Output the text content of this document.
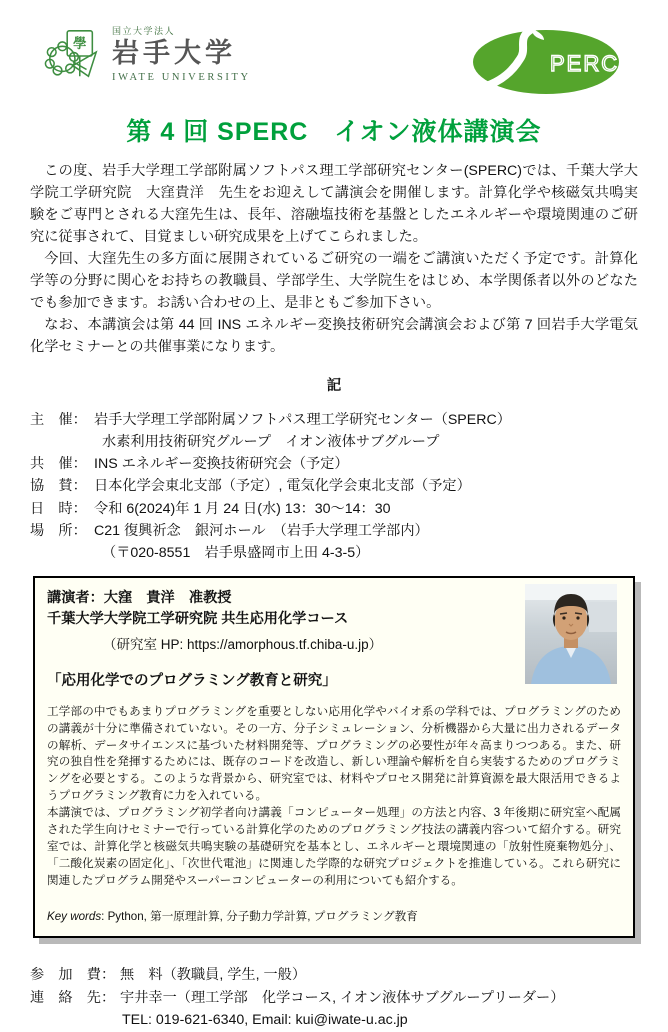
學
国立大学法人
岩手大学
IWATE UNIVERSITY
PERC
第 4 回 SPERC　イオン液体講演会

この度、岩手大学理工学部附属ソフトパス理工学部研究センター(SPERC)では、千葉大学大学院工学研究院　大窪貴洋　先生をお迎えして講演会を開催します。計算化学や核磁気共鳴実験をご専門とされる大窪先生は、長年、溶融塩技術を基盤としたエネルギーや環境関連のご研究に従事されて、目覚ましい研究成果を上げてこられました。

今回、大窪先生の多方面に展開されているご研究の一端をご講演いただく予定です。計算化学等の分野に関心をお持ちの教職員、学部学生、大学院生をはじめ、本学関係者以外のどなたでも参加できます。お誘い合わせの上、是非ともご参加下さい。

なお、本講演会は第 44 回 INS エネルギー変換技術研究会講演会および第 7 回岩手大学電気化学セミナーとの共催事業になります。

記
主　催： 岩手大学理工学部附属ソフトパス理工学研究センター（SPERC）
水素利用技術研究グループ　イオン液体サブグループ
共　催： INS エネルギー変換技術研究会（予定）
協　賛： 日本化学会東北支部（予定）, 電気化学会東北支部（予定）
日　時： 令和 6(2024)年 1 月 24 日(水) 13：30～14：30
場　所： C21 復興祈念　銀河ホール　（岩手大学理工学部内）
（〒020-8551　岩手県盛岡市上田 4-3-5）
講演者：大窪　貴洋　准教授
千葉大学大学院工学研究院 共生応用化学コース
（研究室 HP: https://amorphous.tf.chiba-u.jp）
「応用化学でのプログラミング教育と研究」

工学部の中でもあまりプログラミングを重要としない応用化学やバイオ系の学科では、プログラミングのための講義が十分に準備されていない。その一方、分子シミュレーション、分析機器から大量に出力されるデータの解析、データサイエンスに基づいた材料開発等、プログラミングの必要性が年々高まりつつある。また、研究の独自性を発揮するためには、既存のコードを改造し、新しい理論や解析を自ら実装するためのプログラミングを必要とする。このような背景から、研究室では、材料やプロセス開発に計算資源を最大限活用できるようプログラミング教育に力を入れている。

本講演では、プログラミング初学者向け講義「コンピューター処理」の方法と内容、3 年後期に研究室へ配属された学生向けセミナーで行っている計算化学のためのプログラミング技法の講義内容ついて紹介する。研究室では、計算化学と核磁気共鳴実験の基礎研究を基本とし、エネルギーと環境関連の「放射性廃棄物処分」、「二酸化炭素の固定化」、「次世代電池」に関連した学際的な研究プロジェクトを推進している。これら研究に関連したプログラム開発やスーパーコンピューターの利用についても紹介する。

Key words: Python, 第一原理計算, 分子動力学計算, プログラミング教育
参　加　費： 無　料（教職員, 学生, 一般）
連　絡　先： 宇井幸一（理工学部　化学コース, イオン液体サブグループリーダー）
TEL: 019-621-6340, Email: kui@iwate-u.ac.jp
